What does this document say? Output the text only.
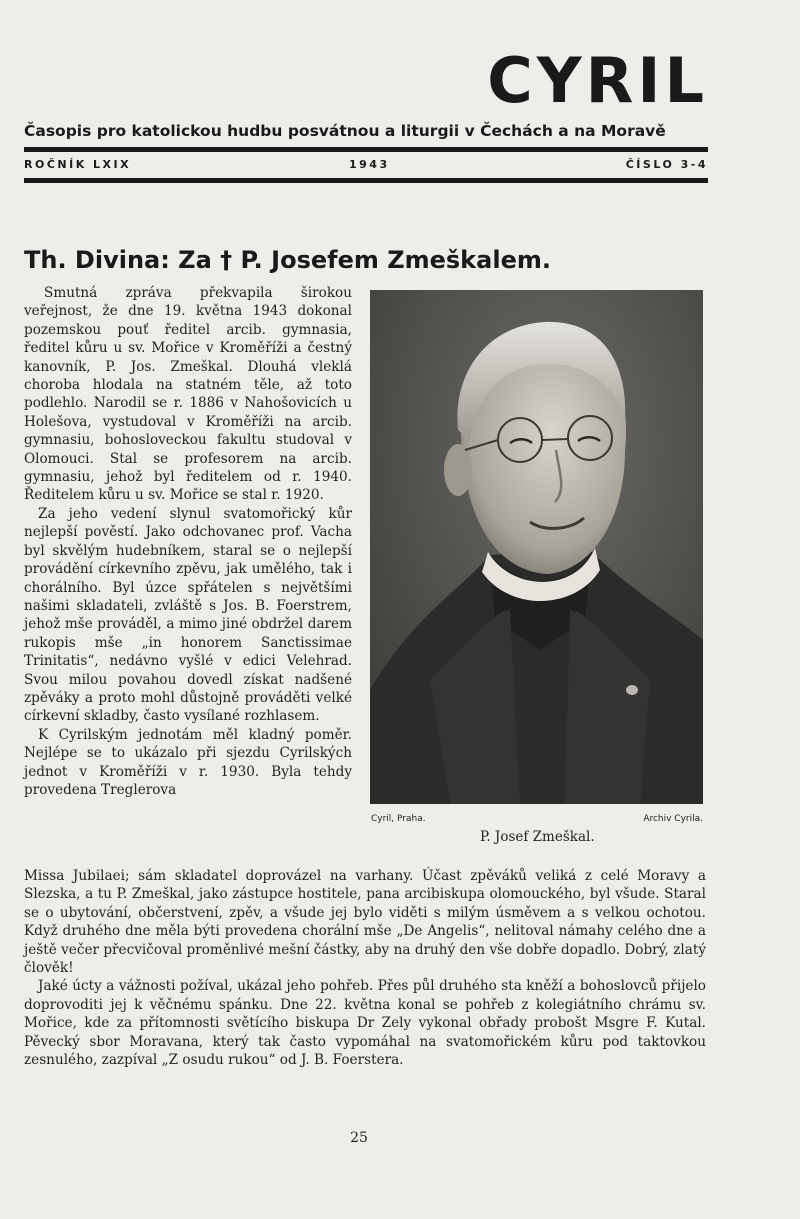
CYRIL
Časopis pro katolickou hudbu posvátnou a liturgii v Čechách a na Moravě
ROČNÍK LXIX	1943	ČÍSLO 3-4
Th. Divina: Za † P. Josefem Zmeškalem.

Smutná zpráva překvapila širokou veřejnost, že dne 19. května 1943 dokonal pozemskou pouť ředitel arcib. gymnasia, ředitel kůru u sv. Mořice v Kroměříži a čestný kanovník, P. Jos. Zmeškal. Dlouhá vleklá choroba hlodala na statném těle, až toto podlehlo. Narodil se r. 1886 v Nahošovicích u Holešova, vystudoval v Kroměříži na arcib. gymnasiu, bohosloveckou fakultu studoval v Olomouci. Stal se profesorem na arcib. gymnasiu, jehož byl ředitelem od r. 1940. Ředitelem kůru u sv. Mořice se stal r. 1920.

Za jeho vedení slynul svatomořický kůr nejlepší pověstí. Jako odchovanec prof. Vacha byl skvělým hudebníkem, staral se o nejlepší provádění církevního zpěvu, jak umělého, tak i chorálního. Byl úzce spřátelen s největšími našimi skladateli, zvláště s Jos. B. Foerstrem, jehož mše prováděl, a mimo jiné obdržel darem rukopis mše „in honorem Sanctissimae Trinitatis“, nedávno vyšlé v edici Velehrad. Svou milou povahou dovedl získat nadšené zpěváky a proto mohl důstojně prováděti velké církevní skladby, často vysílané rozhlasem.

K Cyrilským jednotám měl kladný poměr. Nejlépe se to ukázalo při sjezdu Cyrilských jednot v Kroměříži v r. 1930. Byla tehdy provedena Treglerova

Cyril, Praha.	Archiv Cyrila.
P. Josef Zmeškal.

Missa Jubilaei; sám skladatel doprovázel na varhany. Účast zpěváků veliká z celé Moravy a Slezska, a tu P. Zmeškal, jako zástupce hostitele, pana arcibiskupa olomouckého, byl všude. Staral se o ubytování, občerstvení, zpěv, a všude jej bylo viděti s milým úsměvem a s velkou ochotou. Když druhého dne měla býti provedena chorální mše „De Angelis“, nelitoval námahy celého dne a ještě večer přecvičoval proměnlivé mešní částky, aby na druhý den vše dobře dopadlo. Dobrý, zlatý člověk!

Jaké úcty a vážnosti požíval, ukázal jeho pohřeb. Přes půl druhého sta kněží a bohoslovců přijelo doprovoditi jej k věčnému spánku. Dne 22. května konal se pohřeb z kolegiátního chrámu sv. Mořice, kde za přítomnosti světícího biskupa Dr Zely vykonal obřady probošt Msgre F. Kutal. Pěvecký sbor Moravana, který tak často vypomáhal na svatomořickém kůru pod taktovkou zesnulého, zazpíval „Z osudu rukou“ od J. B. Foerstera.

25
